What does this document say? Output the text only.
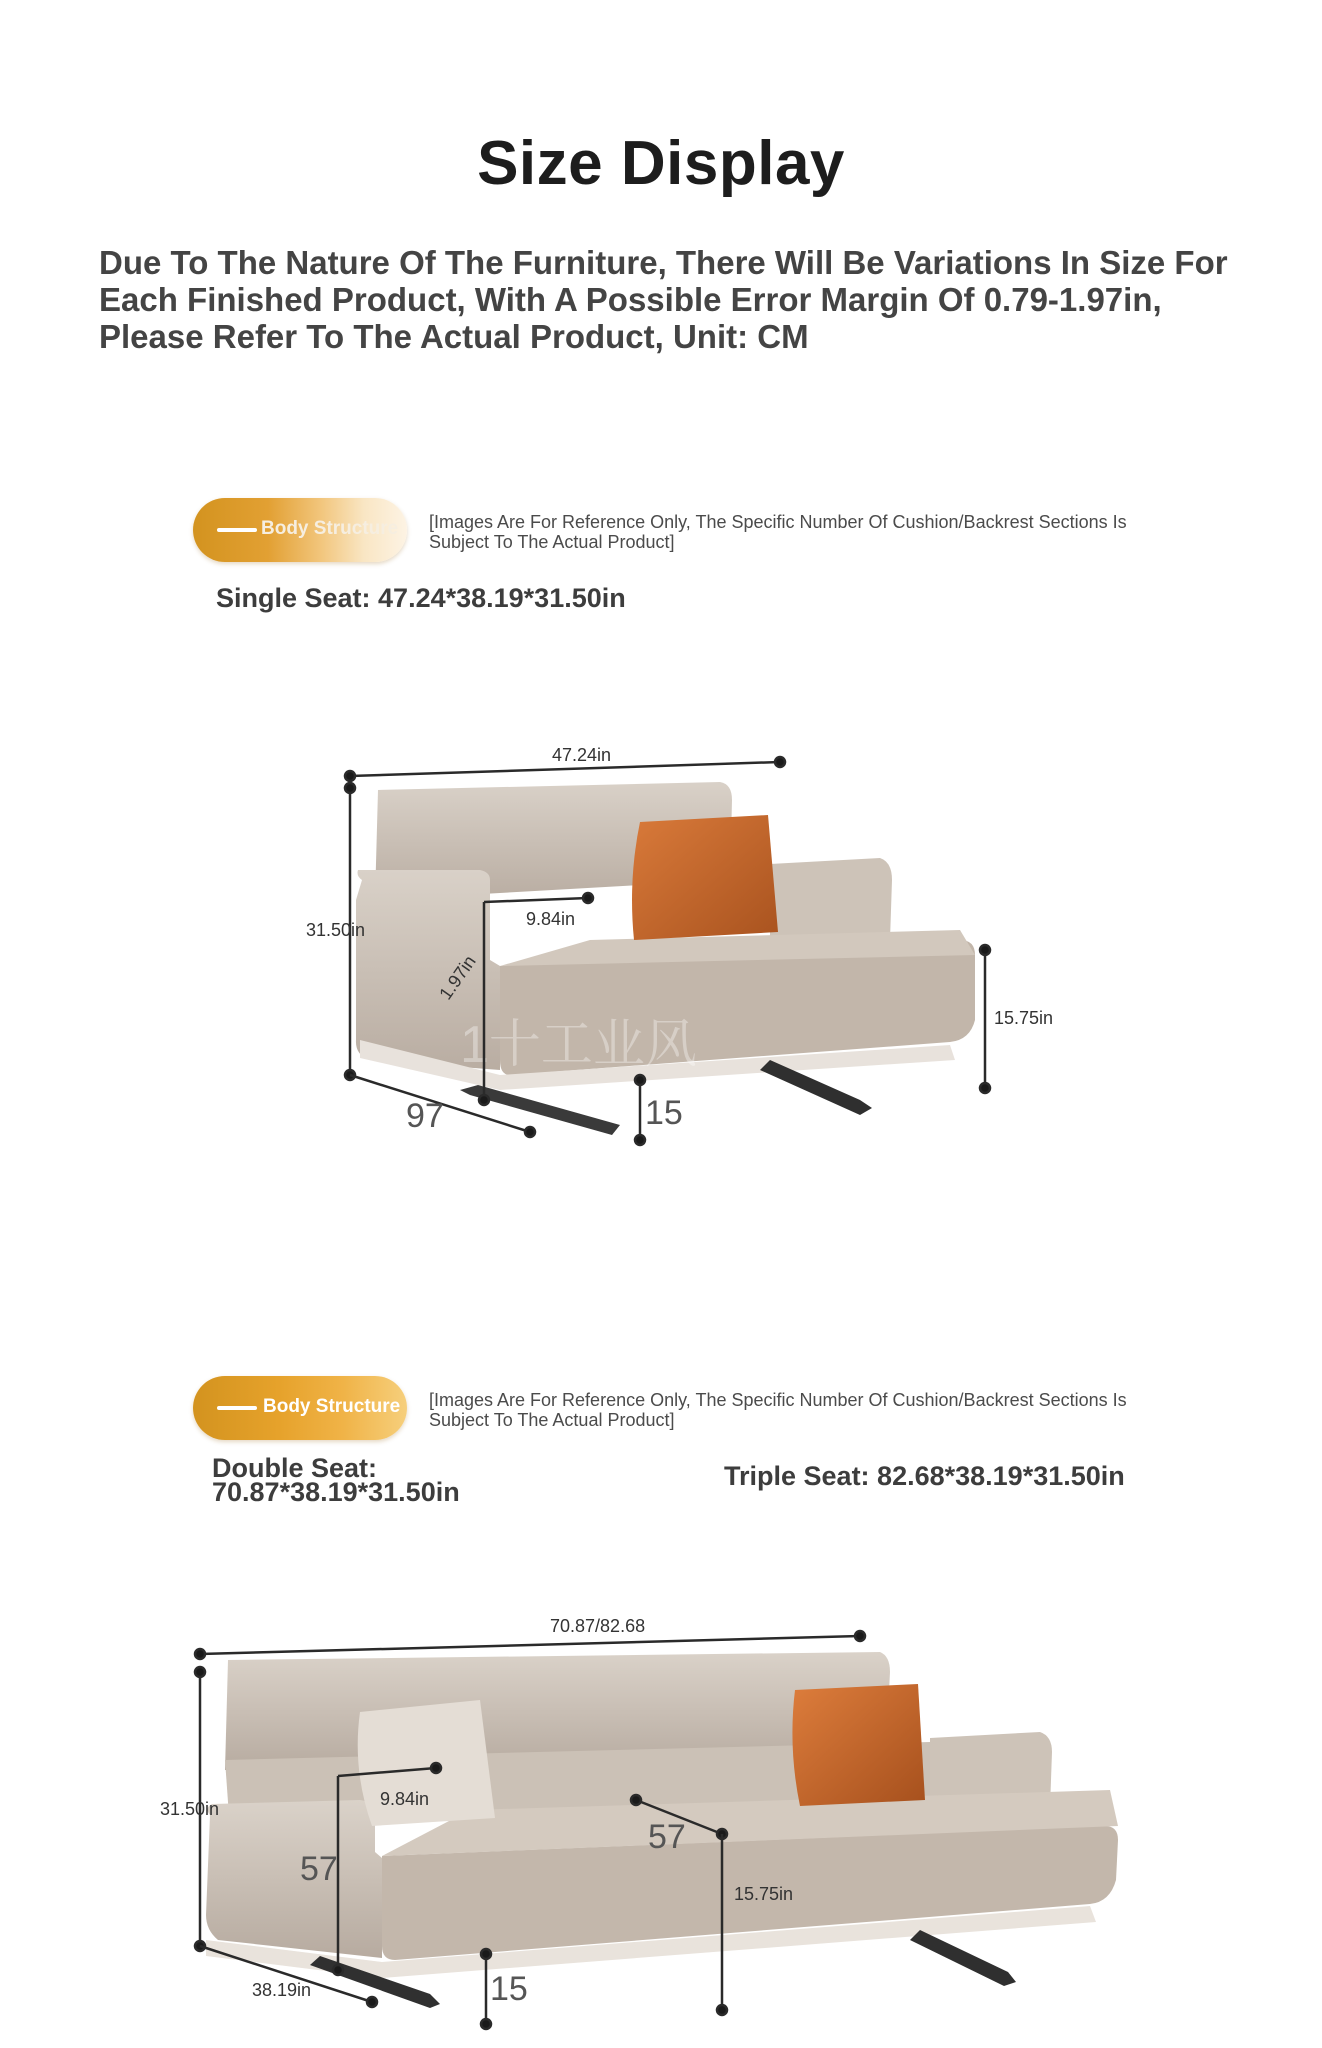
Size Display
Due To The Nature Of The Furniture, There Will Be Variations In Size For Each Finished Product, With A Possible Error Margin Of 0.79-1.97in, Please Refer To The Actual Product, Unit: CM
Body Structure [Images Are For Reference Only, The Specific Number Of Cushion/Backrest Sections Is Subject To The Actual Product]
Single Seat: 47.24*38.19*31.50in
1十工业风
47.24in
31.50in
9.84in
1.97in
15.75in
97	15
Body Structure [Images Are For Reference Only, The Specific Number Of Cushion/Backrest Sections Is Subject To The Actual Product]
Double Seat:
70.87*38.19*31.50in
Triple Seat: 82.68*38.19*31.50in
70.87/82.68
31.50in	9.84in
57
57
15.75in
38.19in	15
